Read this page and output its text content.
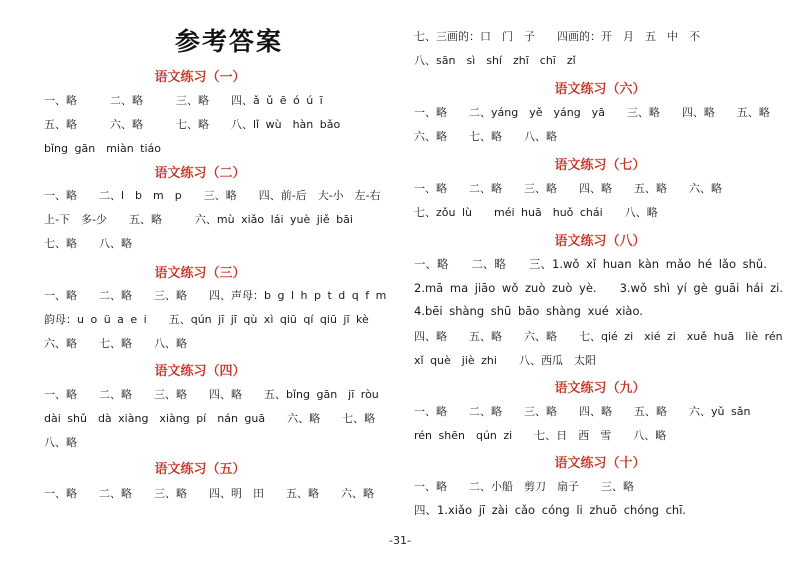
参考答案
语文练习（一）
一、略　　　二、略　　　三、略　　四、ǎ ǔ ē ó ú ī
五、略　　　六、略　　　七、略　　八、lǐ wù　hàn bǎo
bǐng gān　miàn tiáo
语文练习（二）
一、略　　二、l　b　m　p　　三、略　　四、前-后　大-小　左-右
上-下　多-少　　五、略　　　六、mù xiǎo lái yuè jiě bāi
七、略　　八、略
语文练习（三）
一、略　　二、略　　三、略　　四、声母：b g l h p t d q f m
韵母：u o ü a e i　　五、qún jī jī qù xì qiū qí qiū jī kè
六、略　　七、略　　八、略
语文练习（四）
一、略　　二、略　　三、略　　四、略　　五、bǐng gān　jī ròu
dài shǔ　dà xiàng　xiàng pí　nán guā　　六、略　　七、略
八、略
语文练习（五）
一、略　　二、略　　三、略　　四、明　田　　五、略　　六、略
七、三画的：口　门　子　　四画的：开　月　五　中　不
八、sān　sì　shí　zhī　chī　zǐ
语文练习（六）
一、略　　二、yáng　yě　yáng　yā　　三、略　　四、略　　五、略
六、略　　七、略　　八、略
语文练习（七）
一、略　　二、略　　三、略　　四、略　　五、略　　六、略
七、zǒu lù　　méi huā　huǒ chái　　八、略
语文练习（八）
一、略　　二、略　　三、1.wǒ xǐ huan kàn mǎo hé lǎo shǔ.
2.mā ma jiāo wǒ zuò zuò yè.　　3.wǒ shì yí gè guāi hái zi.
4.bēi shàng shū bāo shàng xué xiào.
四、略　　五、略　　六、略　　七、qié zi　xié zi　xuě huā　liè rén
xǐ què　jiè zhi　　八、西瓜　太阳
语文练习（九）
一、略　　二、略　　三、略　　四、略　　五、略　　六、yǔ sǎn
rén shēn　qún zi　　七、日　西　雪　　八、略
语文练习（十）
一、略　　二、小船　剪刀　扇子　　三、略
四、1.xiǎo jī zài cǎo cóng li zhuō chóng chī.
-31-
